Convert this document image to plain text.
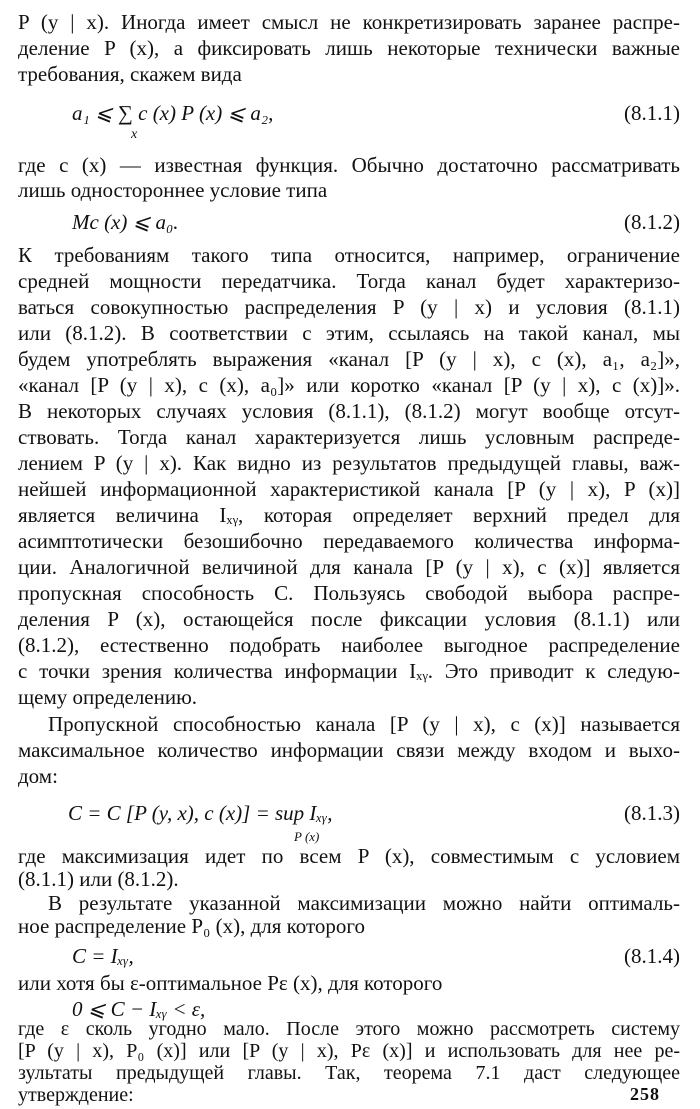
P (y | x). Иногда имеет смысл не конкретизировать заранее распре-
деление P (x), а фиксировать лишь некоторые технически важные
требования, скажем вида
a₁ ⩽ ∑ c (x) P (x) ⩽ a₂,
x
(8.1.1)
где c (x) — известная функция. Обычно достаточно рассматривать
лишь одностороннее условие типа
Mc (x) ⩽ a₀.	(8.1.2)
К требованиям такого типа относится, например, ограничение
средней мощности передатчика. Тогда канал будет характеризо-
ваться совокупностью распределения P (y | x) и условия (8.1.1)
или (8.1.2). В соответствии с этим, ссылаясь на такой канал, мы
будем употреблять выражения «канал [P (y | x), c (x), a₁, a₂]»,
«канал [P (y | x), c (x), a₀]» или коротко «канал [P (y | x), c (x)]».
В некоторых случаях условия (8.1.1), (8.1.2) могут вообще отсут-
ствовать. Тогда канал характеризуется лишь условным распреде-
лением P (y | x). Как видно из результатов предыдущей главы, важ-
нейшей информационной характеристикой канала [P (y | x), P (x)]
является величина Iₓᵧ, которая определяет верхний предел для
асимптотически безошибочно передаваемого количества информа-
ции. Аналогичной величиной для канала [P (y | x), c (x)] является
пропускная способность C. Пользуясь свободой выбора распре-
деления P (x), остающейся после фиксации условия (8.1.1) или
(8.1.2), естественно подобрать наиболее выгодное распределение
с точки зрения количества информации Iₓᵧ. Это приводит к следую-
щему определению.
Пропускной способностью канала [P (y | x), c (x)] называется
максимальное количество информации связи между входом и выхо-
дом:
C = C [P (y, x), c (x)] = sup Iₓᵧ,
P (x)
(8.1.3)
где максимизация идет по всем P (x), совместимым с условием
(8.1.1) или (8.1.2).
В результате указанной максимизации можно найти оптималь-
ное распределение P₀ (x), для которого
C = Iₓᵧ,	(8.1.4)
или хотя бы ε-оптимальное Pε (x), для которого
0 ⩽ C − Iₓᵧ < ε,
258
где ε сколь угодно мало. После этого можно рассмотреть систему
[P (y | x), P₀ (x)] или [P (y | x), Pε (x)] и использовать для нее ре-
зультаты предыдущей главы. Так, теорема 7.1 даст следующее
утверждение:
